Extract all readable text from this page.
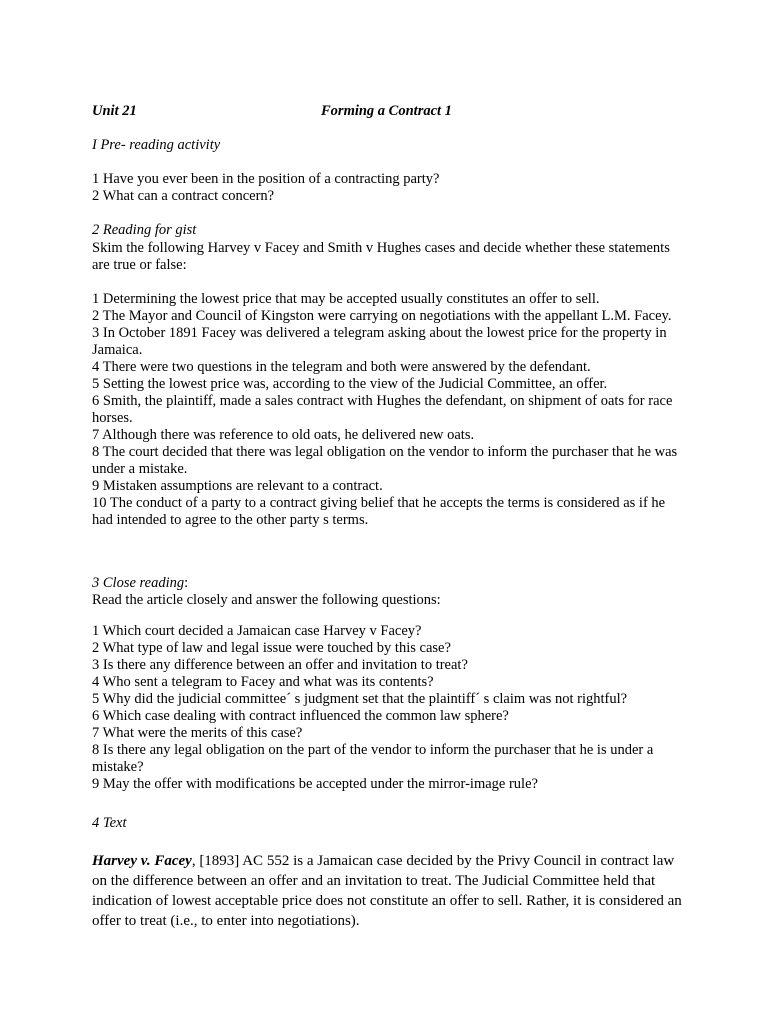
Unit 21	Forming a Contract 1
I Pre- reading activity

1 Have you ever been in the position of a contracting party?

2 What can a contract concern?

2 Reading for gist
Skim the following Harvey v Facey and Smith v Hughes cases and decide whether these statements are true or false:

1 Determining the lowest price that may be accepted usually constitutes an offer to sell.

2 The Mayor and Council of Kingston were carrying on negotiations with the appellant L.M. Facey.

3 In October 1891 Facey was delivered a telegram asking about the lowest price for the property in Jamaica.

4 There were two questions in the telegram and both were answered by the defendant.

5 Setting the lowest price was, according to the view of the Judicial Committee, an offer.

6 Smith, the plaintiff, made a sales contract with Hughes the defendant, on shipment of oats for race horses.

7 Although there was reference to old oats, he delivered new oats.

8 The court decided that there was legal obligation on the vendor to inform the purchaser that he was under a mistake.

9 Mistaken assumptions are relevant to a contract.

10 The conduct of a party to a contract giving belief that he accepts the terms is considered as if he had intended to agree to the other party s terms.

3 Close reading:
Read the article closely and answer the following questions:

1 Which court decided a Jamaican case Harvey v Facey?

2 What type of law and legal issue were touched by this case?

3 Is there any difference between an offer and invitation to treat?

4 Who sent a telegram to Facey and what was its contents?

5 Why did the judicial committee´ s judgment set that the plaintiff´ s claim was not rightful?

6 Which case dealing with contract influenced the common law sphere?

7 What were the merits of this case?

8 Is there any legal obligation on the part of the vendor to inform the purchaser that he is under a mistake?

9 May the offer with modifications be accepted under the mirror-image rule?

4 Text

Harvey v. Facey, [1893] AC 552 is a Jamaican case decided by the Privy Council in contract law on the difference between an offer and an invitation to treat. The Judicial Committee held that indication of lowest acceptable price does not constitute an offer to sell. Rather, it is considered an offer to treat (i.e., to enter into negotiations).
